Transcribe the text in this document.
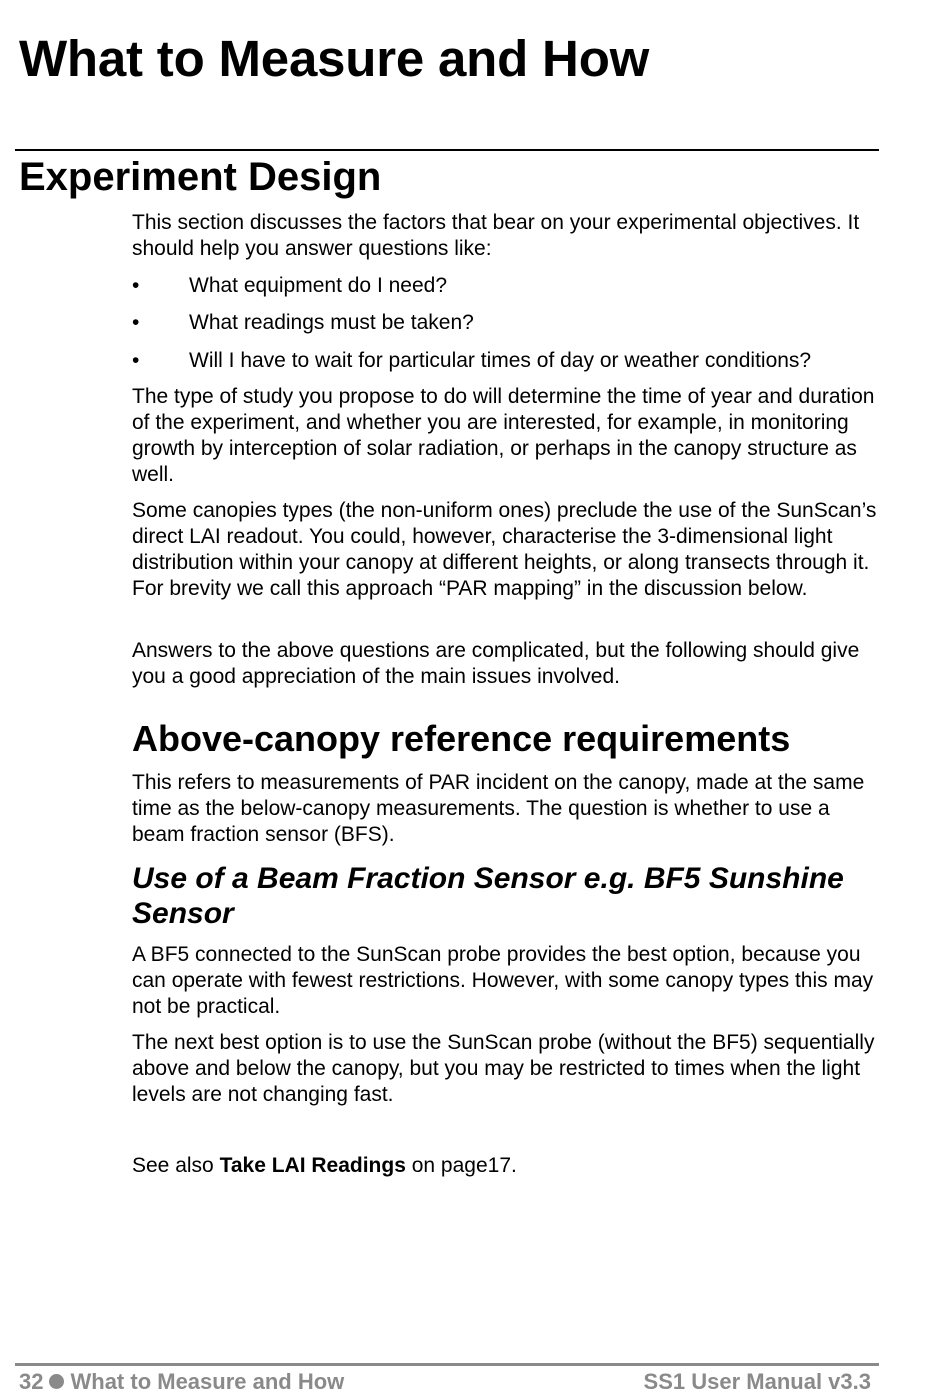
What to Measure and How
Experiment Design

This section discusses the factors that bear on your experimental objectives. It should help you answer questions like:

•	What equipment do I need?
•	What readings must be taken?
•	Will I have to wait for particular times of day or weather conditions?

The type of study you propose to do will determine the time of year and duration of the experiment, and whether you are interested, for example, in monitoring growth by interception of solar radiation, or perhaps in the canopy structure as well.

Some canopies types (the non-uniform ones) preclude the use of the SunScan’s direct LAI readout. You could, however, characterise the 3-dimensional light distribution within your canopy at different heights, or along transects through it. For brevity we call this approach “PAR mapping” in the discussion below.

Answers to the above questions are complicated, but the following should give you a good appreciation of the main issues involved.

Above-canopy reference requirements

This refers to measurements of PAR incident on the canopy, made at the same time as the below-canopy measurements. The question is whether to use a beam fraction sensor (BFS).

Use of a Beam Fraction Sensor e.g. BF5 Sunshine Sensor

A BF5 connected to the SunScan probe provides the best option, because you can operate with fewest restrictions. However, with some canopy types this may not be practical.

The next best option is to use the SunScan probe (without the BF5) sequentially above and below the canopy, but you may be restricted to times when the light levels are not changing fast.

See also Take LAI Readings on page17.

32 What to Measure and How	SS1 User Manual v3.3
